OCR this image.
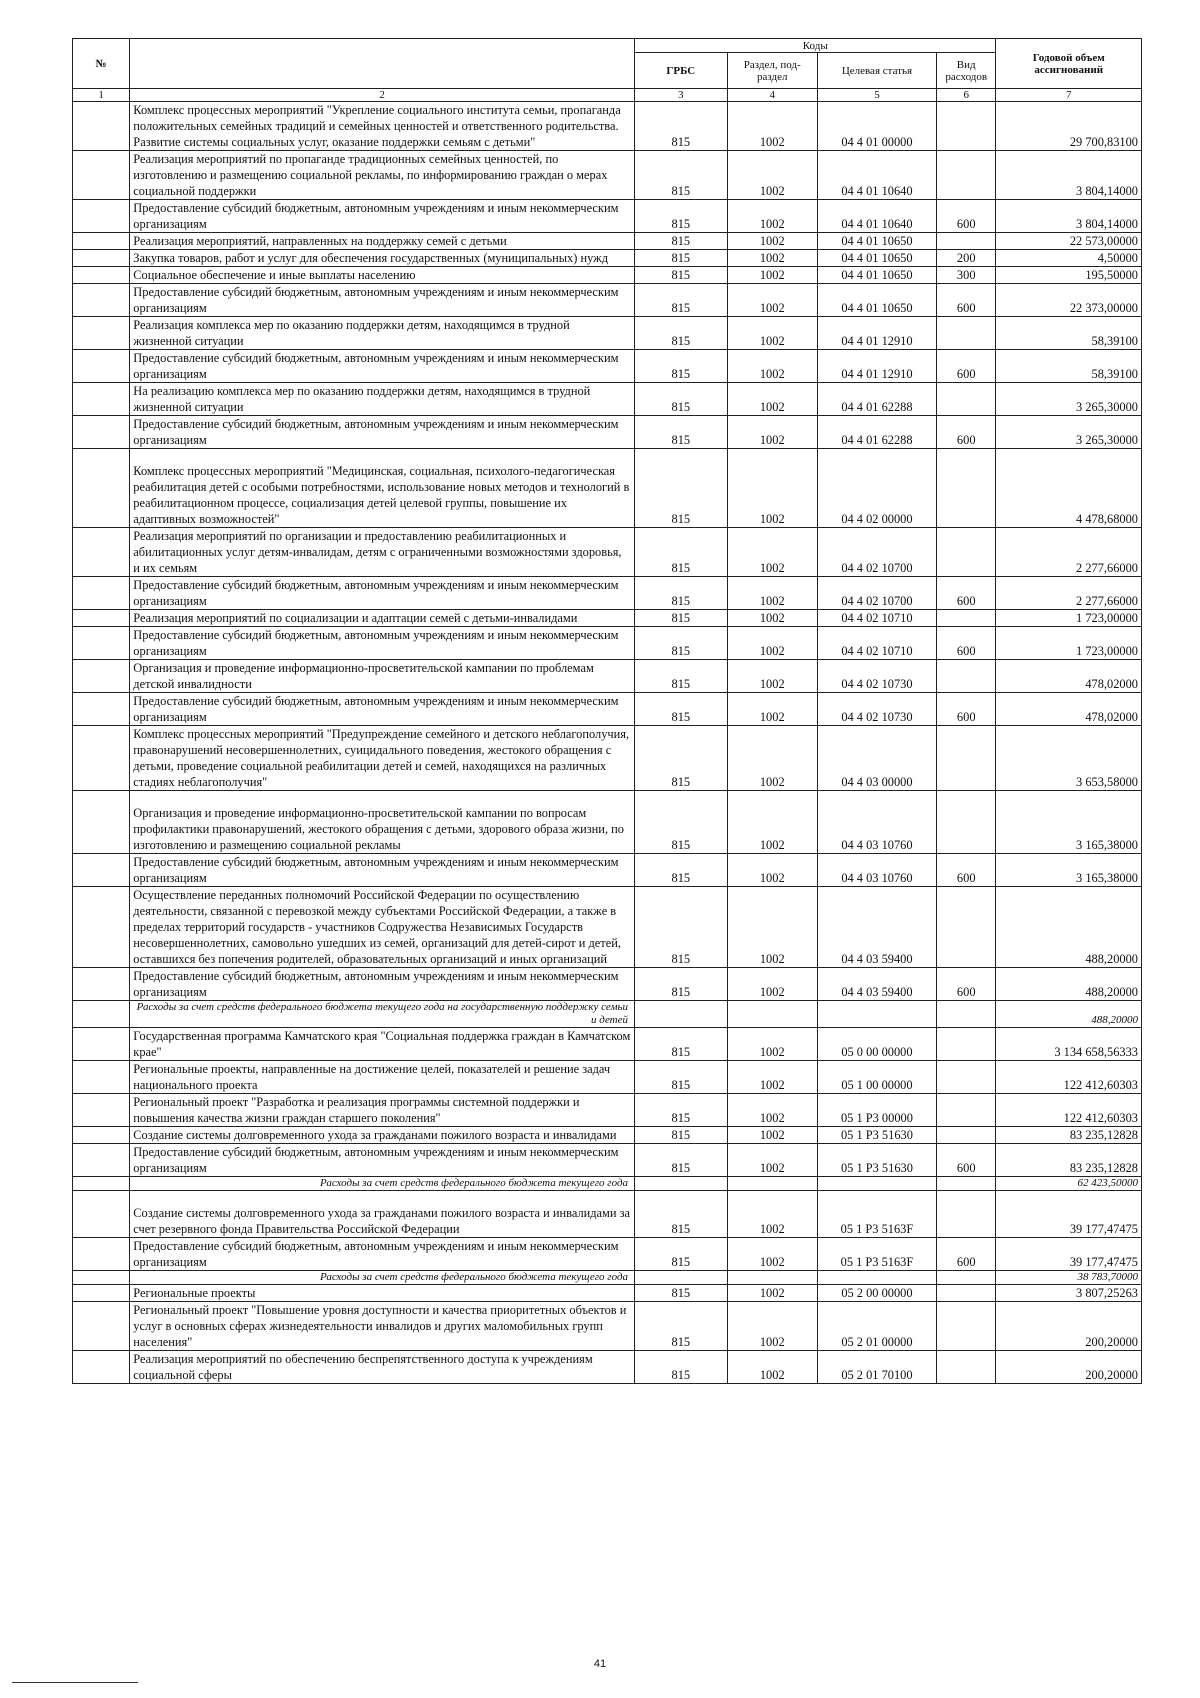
№		Коды				Годовой объем ассигнований
		ГРБС	Раздел, под-раздел	Целевая статья	Вид расходов	
1	2	3	4	5	6	7
	Комплекс процессных мероприятий "Укрепление социального института семьи, пропаганда положительных семейных традиций и семейных ценностей и ответственного родительства. Развитие системы социальных услуг, оказание поддержки семьям с детьми"	815	1002	04 4 01 00000		29 700,83100
	Реализация мероприятий по пропаганде традиционных семейных ценностей, по изготовлению и размещению социальной рекламы, по информированию граждан о мерах социальной поддержки	815	1002	04 4 01 10640		3 804,14000
	Предоставление субсидий бюджетным, автономным учреждениям и иным некоммерческим организациям	815	1002	04 4 01 10640	600	3 804,14000
	Реализация мероприятий, направленных на поддержку семей с детьми	815	1002	04 4 01 10650		22 573,00000
	Закупка товаров, работ и услуг для обеспечения государственных (муниципальных) нужд	815	1002	04 4 01 10650	200	4,50000
	Социальное обеспечение и иные выплаты населению	815	1002	04 4 01 10650	300	195,50000
	Предоставление субсидий бюджетным, автономным учреждениям и иным некоммерческим организациям	815	1002	04 4 01 10650	600	22 373,00000
	Реализация комплекса мер по оказанию поддержки детям, находящимся в трудной жизненной ситуации	815	1002	04 4 01 12910		58,39100
	Предоставление субсидий бюджетным, автономным учреждениям и иным некоммерческим организациям	815	1002	04 4 01 12910	600	58,39100
	На реализацию комплекса мер по оказанию поддержки детям, находящимся в трудной жизненной ситуации	815	1002	04 4 01 62288		3 265,30000
	Предоставление субсидий бюджетным, автономным учреждениям и иным некоммерческим организациям	815	1002	04 4 01 62288	600	3 265,30000
	Комплекс процессных мероприятий "Медицинская, социальная, психолого-педагогическая реабилитация детей с особыми потребностями, использование новых методов и технологий в реабилитационном процессе, социализация детей целевой группы, повышение их адаптивных возможностей"	815	1002	04 4 02 00000		4 478,68000
	Реализация мероприятий по организации и предоставлению реабилитационных и абилитационных услуг детям-инвалидам, детям с ограниченными возможностями здоровья, и их семьям	815	1002	04 4 02 10700		2 277,66000
	Предоставление субсидий бюджетным, автономным учреждениям и иным некоммерческим организациям	815	1002	04 4 02 10700	600	2 277,66000
	Реализация мероприятий по социализации и адаптации семей с детьми-инвалидами	815	1002	04 4 02 10710		1 723,00000
	Предоставление субсидий бюджетным, автономным учреждениям и иным некоммерческим организациям	815	1002	04 4 02 10710	600	1 723,00000
	Организация и проведение информационно-просветительской кампании по проблемам детской инвалидности	815	1002	04 4 02 10730		478,02000
	Предоставление субсидий бюджетным, автономным учреждениям и иным некоммерческим организациям	815	1002	04 4 02 10730	600	478,02000
	Комплекс процессных мероприятий "Предупреждение семейного и детского неблагополучия, правонарушений несовершеннолетних, суицидального поведения, жестокого обращения с детьми, проведение социальной реабилитации детей и семей, находящихся на различных стадиях неблагополучия"	815	1002	04 4 03 00000		3 653,58000
	Организация и проведение информационно-просветительской кампании по вопросам профилактики правонарушений, жестокого обращения с детьми, здорового образа жизни, по изготовлению и размещению социальной рекламы	815	1002	04 4 03 10760		3 165,38000
	Предоставление субсидий бюджетным, автономным учреждениям и иным некоммерческим организациям	815	1002	04 4 03 10760	600	3 165,38000
	Осуществление переданных полномочий Российской Федерации по осуществлению деятельности, связанной с перевозкой между субъектами Российской Федерации, а также в пределах территорий государств - участников Содружества Независимых Государств несовершеннолетних, самовольно ушедших из семей, организаций для детей-сирот и детей, оставшихся без попечения родителей, образовательных организаций и иных организаций	815	1002	04 4 03 59400		488,20000
	Предоставление субсидий бюджетным, автономным учреждениям и иным некоммерческим организациям	815	1002	04 4 03 59400	600	488,20000
	Расходы за счет средств федерального бюджета текущего года на государственную поддержку семьи и детей					488,20000
	Государственная программа Камчатского края "Социальная поддержка граждан в Камчатском крае"	815	1002	05 0 00 00000		3 134 658,56333
	Региональные проекты, направленные на достижение целей, показателей и решение задач национального проекта	815	1002	05 1 00 00000		122 412,60303
	Региональный проект "Разработка и реализация программы системной поддержки и повышения качества жизни граждан старшего поколения"	815	1002	05 1 P3 00000		122 412,60303
	Создание системы долговременного ухода за гражданами пожилого возраста и инвалидами	815	1002	05 1 P3 51630		83 235,12828
	Предоставление субсидий бюджетным, автономным учреждениям и иным некоммерческим организациям	815	1002	05 1 P3 51630	600	83 235,12828
	Расходы за счет средств федерального бюджета текущего года					62 423,50000
	Создание системы долговременного ухода за гражданами пожилого возраста и инвалидами за счет резервного фонда Правительства Российской Федерации	815	1002	05 1 P3 5163F		39 177,47475
	Предоставление субсидий бюджетным, автономным учреждениям и иным некоммерческим организациям	815	1002	05 1 P3 5163F	600	39 177,47475
	Расходы за счет средств федерального бюджета текущего года					38 783,70000
	Региональные проекты	815	1002	05 2 00 00000		3 807,25263
	Региональный проект "Повышение уровня доступности и качества приоритетных объектов и услуг в основных сферах жизнедеятельности инвалидов и других маломобильных групп населения"	815	1002	05 2 01 00000		200,20000
	Реализация мероприятий по обеспечению беспрепятственного доступа к учреждениям социальной сферы	815	1002	05 2 01 70100		200,20000
41
